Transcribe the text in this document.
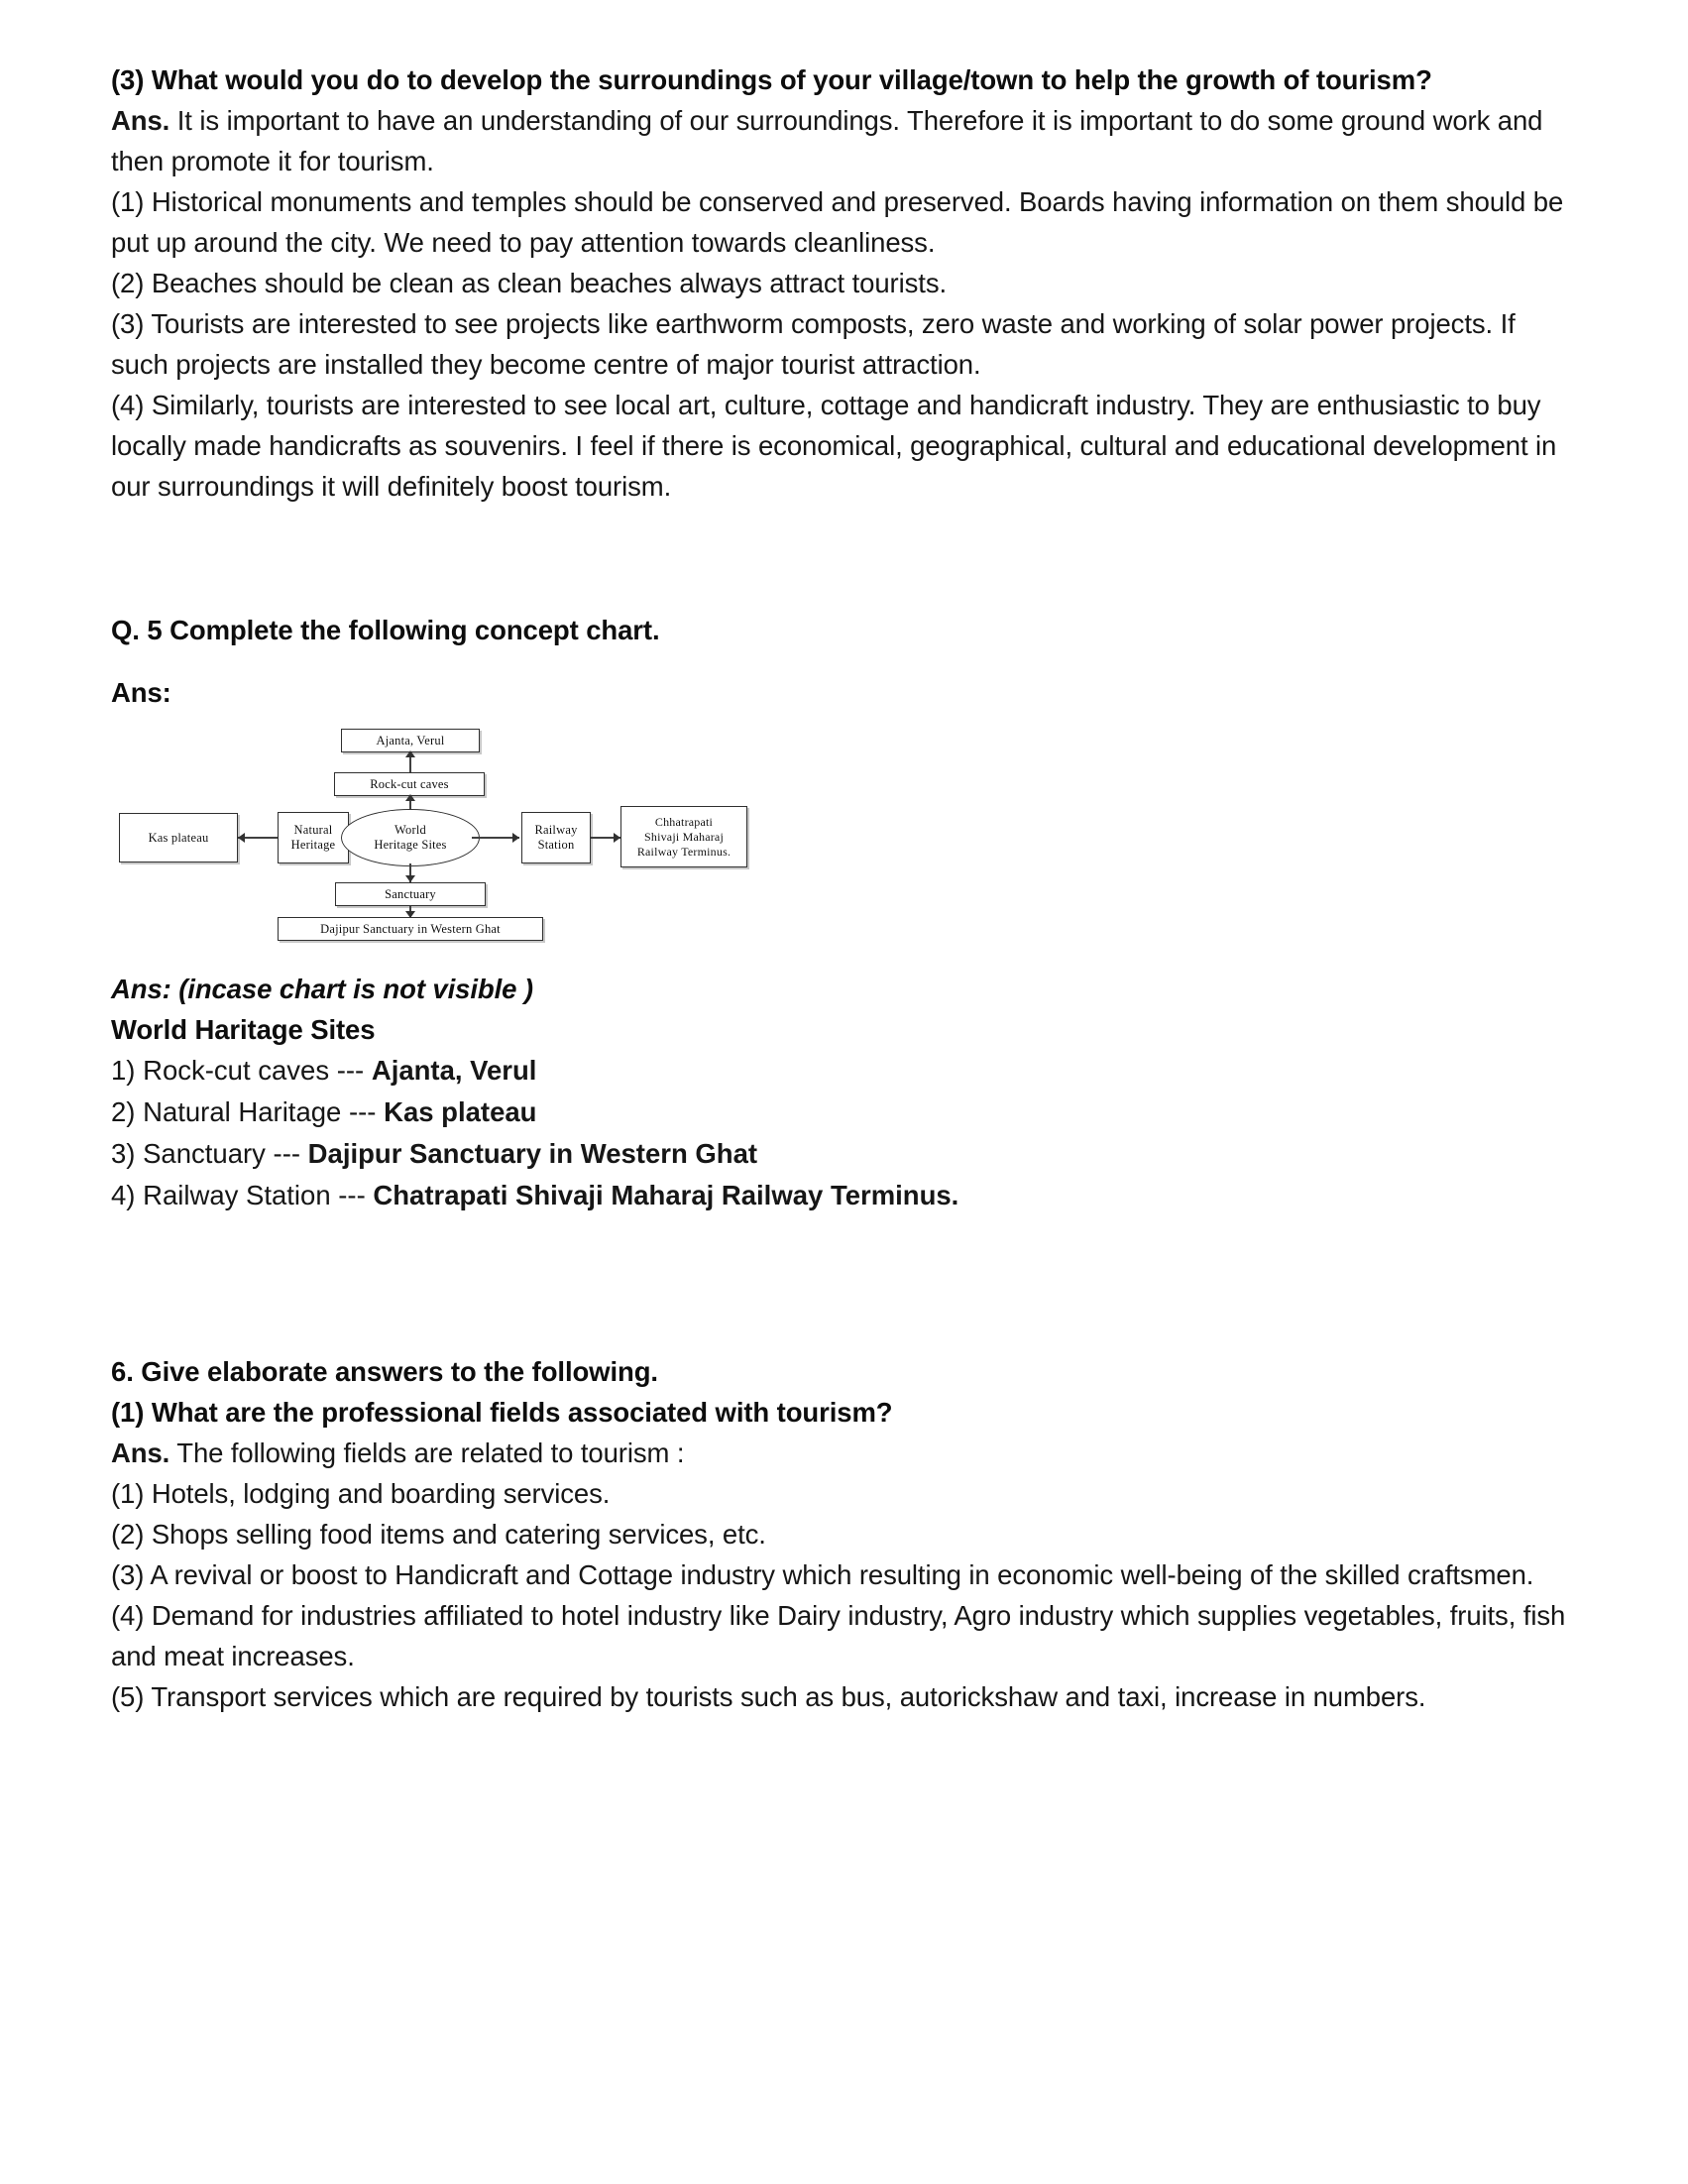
(3) What would you do to develop the surroundings of your village/town to help the growth of tourism?

Ans. It is important to have an understanding of our surroundings. Therefore it is important to do some ground work and then promote it for tourism.

(1) Historical monuments and temples should be conserved and preserved. Boards having information on them should be put up around the city. We need to pay attention towards cleanliness.

(2) Beaches should be clean as clean beaches always attract tourists.

(3) Tourists are interested to see projects like earthworm composts, zero waste and working of solar power projects. If such projects are installed they become centre of major tourist attraction.

(4) Similarly, tourists are interested to see local art, culture, cottage and handicraft industry. They are enthusiastic to buy locally made handicrafts as souvenirs. I feel if there is economical, geographical, cultural and educational development in our surroundings it will definitely boost tourism.

Q. 5 Complete the following concept chart.

Ans:

Ajanta, Verul
Rock-cut caves
Kas plateau
Natural Heritage
World
Heritage Sites
Railway Station
Chhatrapati
Shivaji Maharaj
Railway Terminus.
Sanctuary
Dajipur Sanctuary in Western Ghat

Ans: (incase chart is not visible )

World Haritage Sites

1) Rock-cut caves --- Ajanta, Verul

2) Natural Haritage --- Kas plateau

3) Sanctuary --- Dajipur Sanctuary in Western Ghat

4) Railway Station --- Chatrapati Shivaji Maharaj Railway Terminus.

6. Give elaborate answers to the following.

(1) What are the professional fields associated with tourism?

Ans. The following fields are related to tourism :

(1) Hotels, lodging and boarding services.

(2) Shops selling food items and catering services, etc.

(3) A revival or boost to Handicraft and Cottage industry which resulting in economic well-being of the skilled craftsmen.

(4) Demand for industries affiliated to hotel industry like Dairy industry, Agro industry which supplies vegetables, fruits, fish and meat increases.

(5) Transport services which are required by tourists such as bus, autorickshaw and taxi, increase in numbers.
